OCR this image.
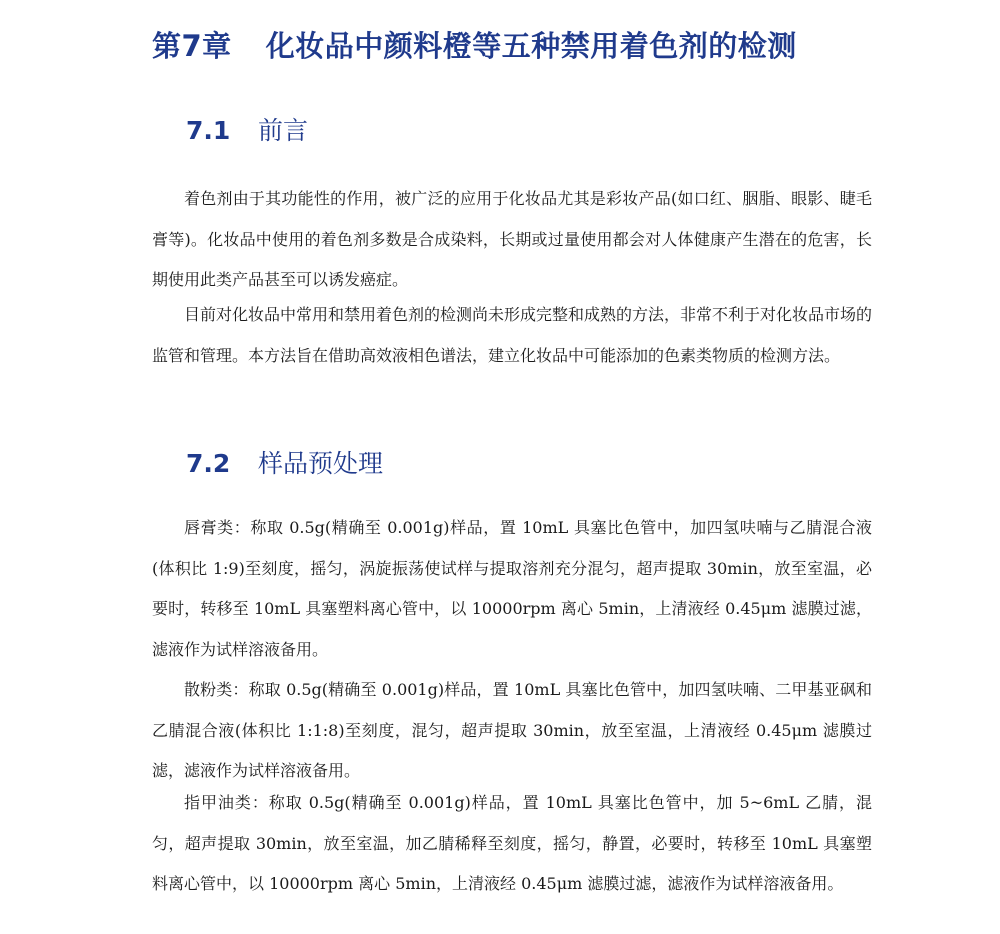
第7章 化妆品中颜料橙等五种禁用着色剂的检测
7.1 前言

着色剂由于其功能性的作用，被广泛的应用于化妆品尤其是彩妆产品(如口红、胭脂、眼影、睫毛膏等)。化妆品中使用的着色剂多数是合成染料，长期或过量使用都会对人体健康产生潜在的危害，长期使用此类产品甚至可以诱发癌症。

目前对化妆品中常用和禁用着色剂的检测尚未形成完整和成熟的方法，非常不利于对化妆品市场的监管和管理。本方法旨在借助高效液相色谱法，建立化妆品中可能添加的色素类物质的检测方法。

7.2 样品预处理

唇膏类：称取 0.5g(精确至 0.001g)样品，置 10mL 具塞比色管中，加四氢呋喃与乙腈混合液(体积比 1:9)至刻度，摇匀，涡旋振荡使试样与提取溶剂充分混匀，超声提取 30min，放至室温，必要时，转移至 10mL 具塞塑料离心管中，以 10000rpm 离心 5min，上清液经 0.45μm 滤膜过滤，滤液作为试样溶液备用。

散粉类：称取 0.5g(精确至 0.001g)样品，置 10mL 具塞比色管中，加四氢呋喃、二甲基亚砜和乙腈混合液(体积比 1:1:8)至刻度，混匀，超声提取 30min，放至室温，上清液经 0.45μm 滤膜过滤，滤液作为试样溶液备用。

指甲油类：称取 0.5g(精确至 0.001g)样品，置 10mL 具塞比色管中，加 5~6mL 乙腈，混匀，超声提取 30min，放至室温，加乙腈稀释至刻度，摇匀，静置，必要时，转移至 10mL 具塞塑料离心管中，以 10000rpm 离心 5min，上清液经 0.45μm 滤膜过滤，滤液作为试样溶液备用。
